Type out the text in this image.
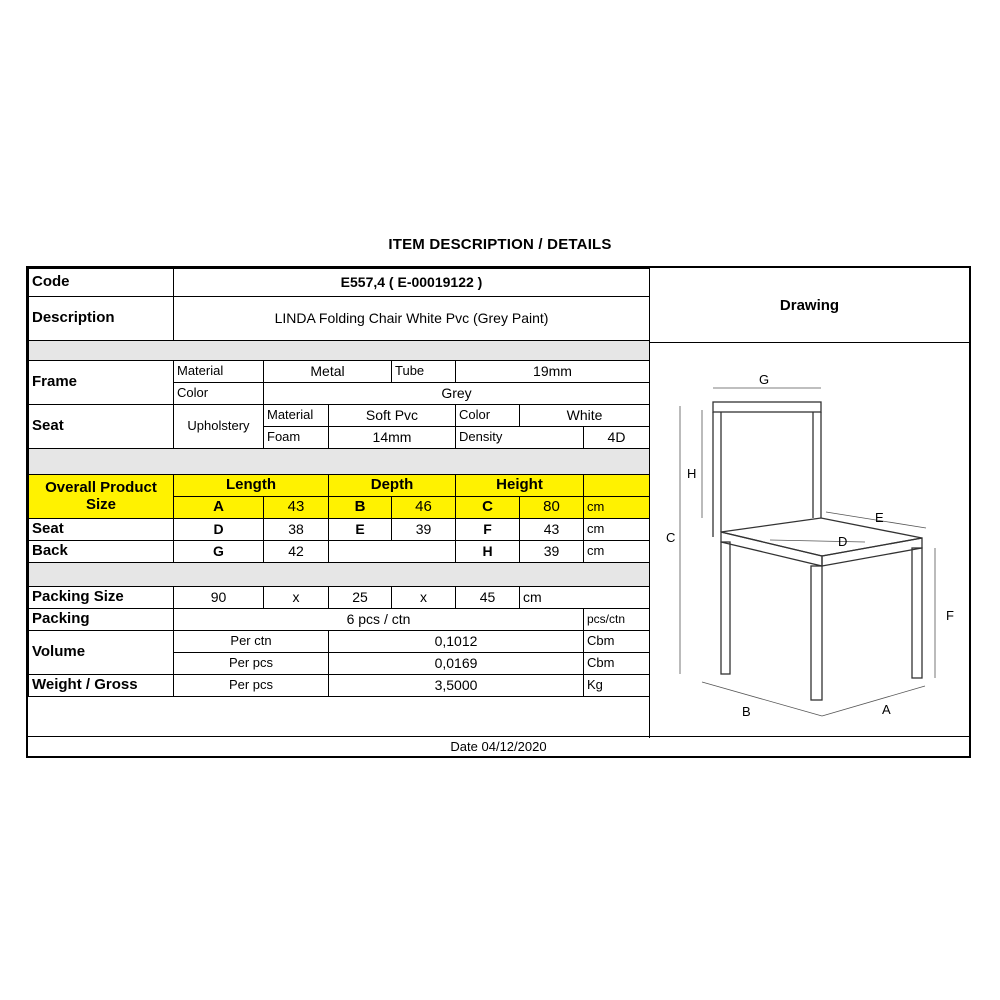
ITEM DESCRIPTION / DETAILS
Code	E557,4 ( E-00019122 )						
Description	LINDA Folding Chair White Pvc (Grey Paint)						

Frame	Material	Metal		Tube	19mm		
	Color	Grey					
Seat	Upholstery	Material	Soft Pvc		Color	White	
		Foam	14mm		Density		4D

Overall Product Size	Length		Depth		Height		
	A	43	B	46	C	80	cm
Seat	D	38	E	39	F	43	cm
Back	G	42			H	39	cm

Packing Size	90	x	25	x	45	cm	
Packing	6 pcs / ctn						pcs/ctn
Volume	Per ctn		0,1012				Cbm
	Per pcs		0,0169				Cbm
Weight / Gross	Per pcs		3,5000				Kg
Drawing
G
H
C
E
D
F
B	A
Date 04/12/2020
